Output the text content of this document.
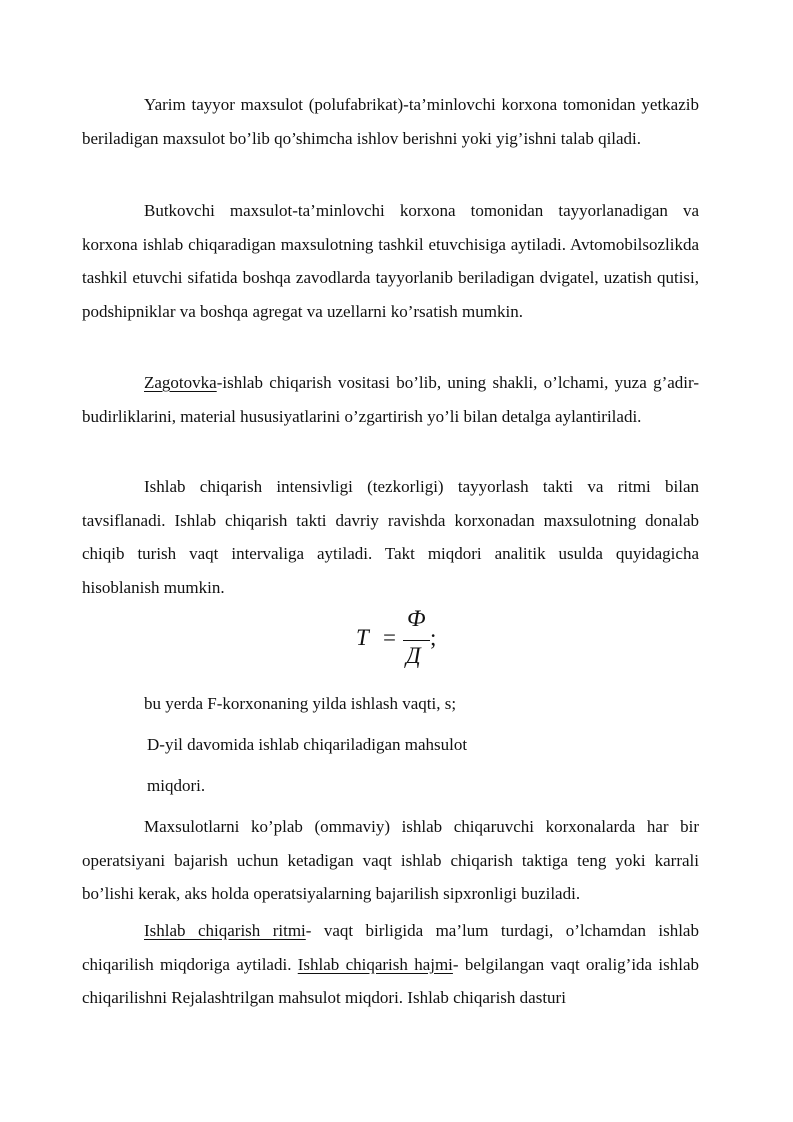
Yarim tayyor maxsulot (polufabrikat)-ta’minlovchi korxona tomonidan yetkazib beriladigan maxsulot bo’lib qo’shimcha ishlov berishni yoki yig’ishni talab qiladi.

Butkovchi maxsulot-ta’minlovchi korxona tomonidan tayyorlanadigan va korxona ishlab chiqaradigan maxsulotning tashkil etuvchisiga aytiladi. Avtomobilsozlikda tashkil etuvchi sifatida boshqa zavodlarda tayyorlanib beriladigan dvigatel, uzatish qutisi, podshipniklar va boshqa agregat va uzellarni ko’rsatish mumkin.

Zagotovka-ishlab chiqarish vositasi bo’lib, uning shakli, o’lchami, yuza g’adir-budirliklarini, material hususiyatlarini o’zgartirish yo’li bilan detalga aylantiriladi.

Ishlab chiqarish intensivligi (tezkorligi) tayyorlash takti va ritmi bilan tavsiflanadi. Ishlab chiqarish takti davriy ravishda korxonadan maxsulotning donalab chiqib turish vaqt intervaliga aytiladi. Takt miqdori analitik usulda quyidagicha hisoblanish mumkin.

T =
Ф
Д
;

bu yerda F-korxonaning yilda ishlash vaqti, s;

D-yil davomida ishlab chiqariladigan mahsulot

miqdori.

Maxsulotlarni ko’plab (ommaviy) ishlab chiqaruvchi korxonalarda har bir operatsiyani bajarish uchun ketadigan vaqt ishlab chiqarish taktiga teng yoki karrali bo’lishi kerak, aks holda operatsiyalarning bajarilish sipxronligi buziladi.

Ishlab chiqarish ritmi- vaqt birligida ma’lum turdagi, o’lchamdan ishlab chiqarilish miqdoriga aytiladi. Ishlab chiqarish hajmi- belgilangan vaqt oralig’ida ishlab chiqarilishni Rejalashtrilgan mahsulot miqdori. Ishlab chiqarish dasturi
